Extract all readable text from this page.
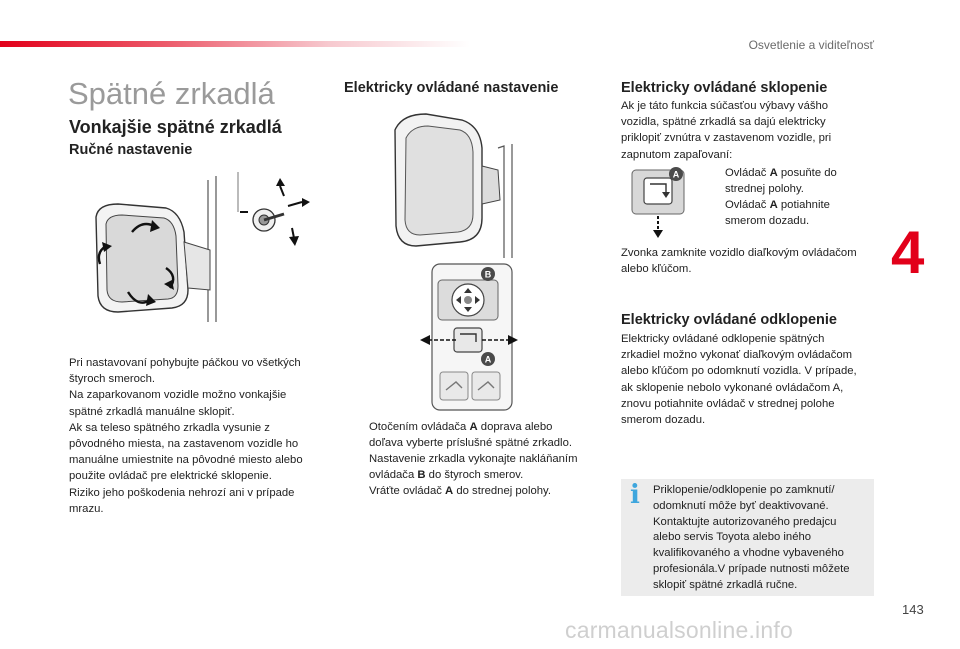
Osvetlenie a viditeľnosť
4
143
carmanualsonline.info
Spätné zrkadlá
Vonkajšie spätné zrkadlá
Ručné nastavenie
Pri nastavovaní pohybujte páčkou vo všetkých
štyroch smeroch.
Na zaparkovanom vozidle možno vonkajšie
spätné zrkadlá manuálne sklopiť.
Ak sa teleso spätného zrkadla vysunie z
pôvodného miesta, na zastavenom vozidle ho
manuálne umiestnite na pôvodné miesto alebo
použite ovládač pre elektrické sklopenie.
Riziko jeho poškodenia nehrozí ani v prípade
mrazu.
Elektricky ovládané nastavenie
B
A
Otočením ovládača A doprava alebo
doľava vyberte príslušné spätné zrkadlo.
Nastavenie zrkadla vykonajte nakláňaním
ovládača B do štyroch smerov.
Vráťte ovládač A do strednej polohy.
Elektricky ovládané sklopenie
Ak je táto funkcia súčasťou výbavy vášho
vozidla, spätné zrkadlá sa dajú elektricky
priklopiť zvnútra v zastavenom vozidle, pri
zapnutom zapaľovaní:
A	Ovládač A posuňte do
strednej polohy.
Ovládač A potiahnite
smerom dozadu.
Zvonka zamknite vozidlo diaľkovým ovládačom
alebo kľúčom.
Elektricky ovládané odklopenie
Elektricky ovládané odklopenie spätných
zrkadiel možno vykonať diaľkovým ovládačom
alebo kľúčom po odomknutí vozidla. V prípade,
ak sklopenie nebolo vykonané ovládačom A,
znovu potiahnite ovládač v strednej polohe
smerom dozadu.
i Priklopenie/odklopenie po zamknutí/
odomknutí môže byť deaktivované.
Kontaktujte autorizovaného predajcu
alebo servis Toyota alebo iného
kvalifikovaného a vhodne vybaveného
profesionála.V prípade nutnosti môžete
sklopiť spätné zrkadlá ručne.
